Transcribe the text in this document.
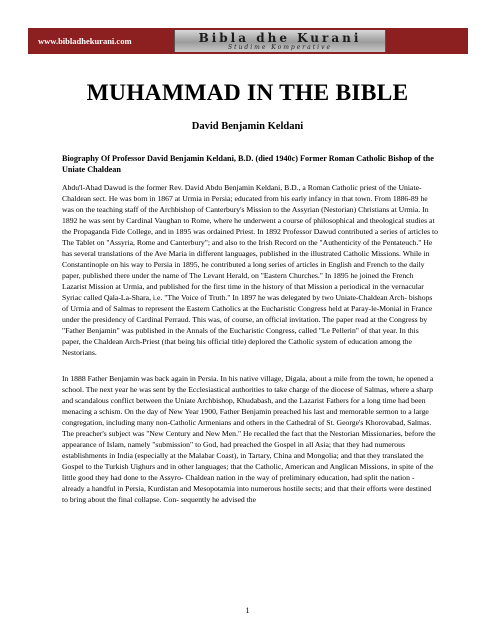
www.bibladhekurani.com	Bibla dhe Kurani
Studime Komperative
MUHAMMAD IN THE BIBLE
David Benjamin Keldani
Biography Of Professor David Benjamin Keldani, B.D. (died 1940c) Former Roman Catholic Bishop of the Uniate Chaldean
Abdu'l-Ahad Dawud is the former Rev. David Abdu Benjamin Keldani, B.D., a Roman Catholic priest of the Uniate-Chaldean sect. He was born in 1867 at Urmia in Persia; educated from his early infancy in that town. From 1886-89 he was on the teaching staff of the Archbishop of Canterbury's Mission to the Assyrian (Nestorian) Christians at Urmia. In 1892 he was sent by Cardinal Vaughan to Rome, where he underwent a course of philosophical and theological studies at the Propaganda Fide College, and in 1895 was ordained Priest. In 1892 Professor Dawud contributed a series of articles to The Tablet on "Assyria, Rome and Canterbury"; and also to the Irish Record on the "Authenticity of the Pentateuch." He has several translations of the Ave Maria in different languages, published in the illustrated Catholic Missions. While in Constantinople on his way to Persia in 1895, he contributed a long series of articles in English and French to the daily paper, published there under the name of The Levant Herald, on "Eastern Churches." In 1895 he joined the French Lazarist Mission at Urmia, and published for the first time in the history of that Mission a periodical in the vernacular Syriac called Qala-La-Shara, i.e. "The Voice of Truth." In 1897 he was delegated by two Uniate-Chaldean Arch- bishops of Urmia and of Salmas to represent the Eastern Catholics at the Eucharistic Congress held at Paray-le-Monial in France under the presidency of Cardinal Perraud. This was, of course, an official invitation. The paper read at the Congress by "Father Benjamin" was published in the Annals of the Eucharistic Congress, called "Le Pellerin" of that year. In this paper, the Chaldean Arch-Priest (that being his official title) deplored the Catholic system of education among the Nestorians.
In 1888 Father Benjamin was back again in Persia. In his native village, Digala, about a mile from the town, he opened a school. The next year he was sent by the Ecclesiastical authorities to take charge of the diocese of Salmas, where a sharp and scandalous conflict between the Uniate Archbishop, Khudabash, and the Lazarist Fathers for a long time had been menacing a schism. On the day of New Year 1900, Father Benjamin preached his last and memorable sermon to a large congregation, including many non-Catholic Armenians and others in the Cathedral of St. George's Khorovabad, Salmas. The preacher's subject was "New Century and New Men." He recalled the fact that the Nestorian Missionaries, before the appearance of Islam, namely "submission" to God, had preached the Gospel in all Asia; that they had numerous establishments in India (especially at the Malabar Coast), in Tartary, China and Mongolia; and that they translated the Gospel to the Turkish Uighurs and in other languages; that the Catholic, American and Anglican Missions, in spite of the little good they had done to the Assyro- Chaldean nation in the way of preliminary education, had split the nation - already a handful in Persia, Kurdistan and Mesopotamia into numerous hostile sects; and that their efforts were destined to bring about the final collapse. Con- sequently he advised the
1
